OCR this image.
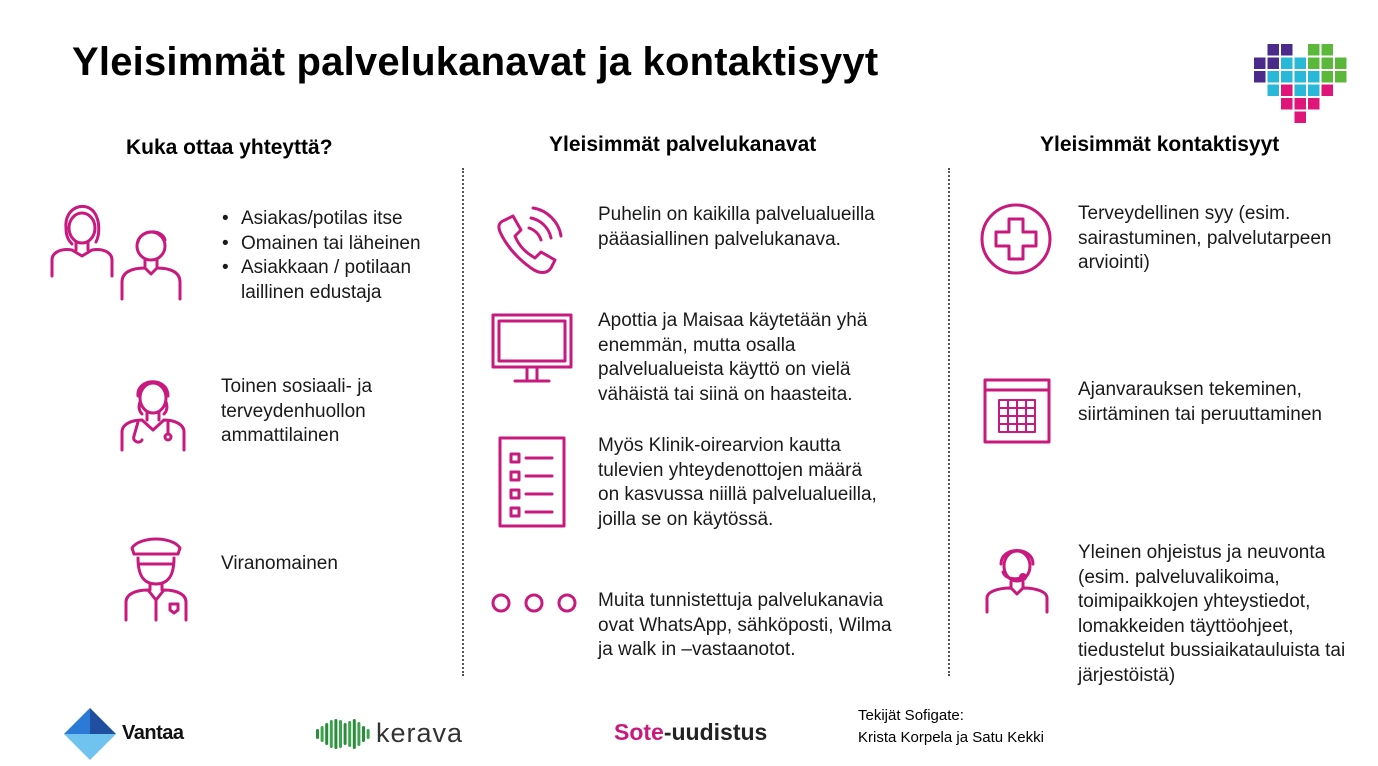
Yleisimmät palvelukanavat ja kontaktisyyt
Kuka ottaa yhteyttä?	Yleisimmät palvelukanavat	Yleisimmät kontaktisyyt
• Asiakas/potilas itse
• Omainen tai läheinen
• Asiakkaan / potilaan laillinen edustaja
Toinen sosiaali- ja terveydenhuollon ammattilainen
Viranomainen
Puhelin on kaikilla palvelualueilla pääasiallinen palvelukanava.
Apottia ja Maisaa käytetään yhä enemmän, mutta osalla palvelualueista käyttö on vielä vähäistä tai siinä on haasteita.
Myös Klinik-oirearvion kautta tulevien yhteydenottojen määrä on kasvussa niillä palvelualueilla, joilla se on käytössä.
Muita tunnistettuja palvelukanavia ovat WhatsApp, sähköposti, Wilma ja walk in –vastaanotot.
Terveydellinen syy (esim. sairastuminen, palvelutarpeen arviointi)
Ajanvarauksen tekeminen, siirtäminen tai peruuttaminen
Yleinen ohjeistus ja neuvonta (esim. palveluvalikoima, toimipaikkojen yhteystiedot, lomakkeiden täyttöohjeet, tiedustelut bussiaikatauluista tai järjestöistä)
Vantaa	kerava	Sote-uudistus
Tekijät Sofigate:
Krista Korpela ja Satu Kekki
